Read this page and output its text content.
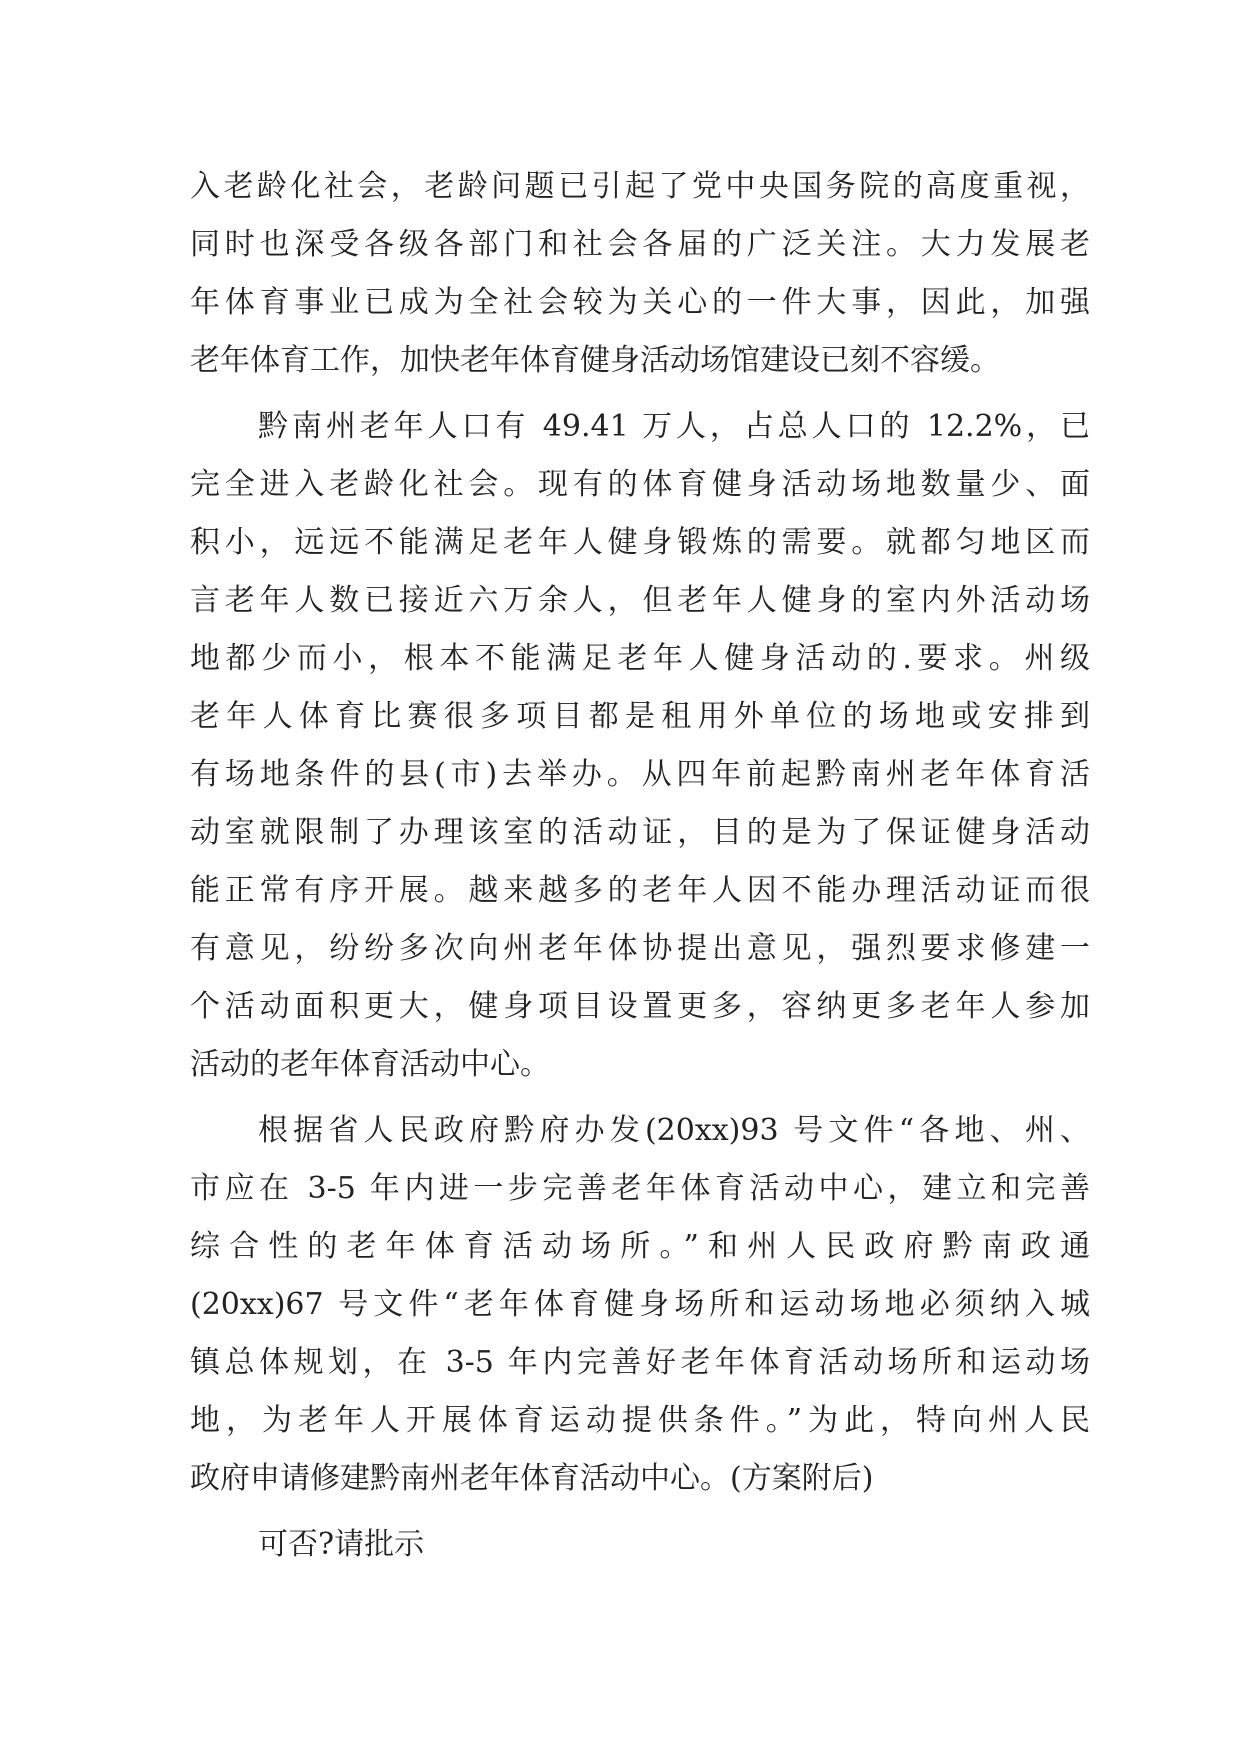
入老龄化社会，老龄问题已引起了党中央国务院的高度重视，
同时也深受各级各部门和社会各届的广泛关注。大力发展老
年体育事业已成为全社会较为关心的一件大事，因此，加强
老年体育工作，加快老年体育健身活动场馆建设已刻不容缓。
黔南州老年人口有 49.41 万人，占总人口的 12.2%，已
完全进入老龄化社会。现有的体育健身活动场地数量少、面
积小，远远不能满足老年人健身锻炼的需要。就都匀地区而
言老年人数已接近六万余人，但老年人健身的室内外活动场
地都少而小，根本不能满足老年人健身活动的.要求。州级
老年人体育比赛很多项目都是租用外单位的场地或安排到
有场地条件的县(市)去举办。从四年前起黔南州老年体育活
动室就限制了办理该室的活动证，目的是为了保证健身活动
能正常有序开展。越来越多的老年人因不能办理活动证而很
有意见，纷纷多次向州老年体协提出意见，强烈要求修建一
个活动面积更大，健身项目设置更多，容纳更多老年人参加
活动的老年体育活动中心。
根据省人民政府黔府办发(20xx)93 号文件“各地、州、
市应在 3-5 年内进一步完善老年体育活动中心，建立和完善
综合性的老年体育活动场所。”和州人民政府黔南政通
(20xx)67 号文件“老年体育健身场所和运动场地必须纳入城
镇总体规划，在 3-5 年内完善好老年体育活动场所和运动场
地，为老年人开展体育运动提供条件。”为此，特向州人民
政府申请修建黔南州老年体育活动中心。(方案附后)
可否?请批示
